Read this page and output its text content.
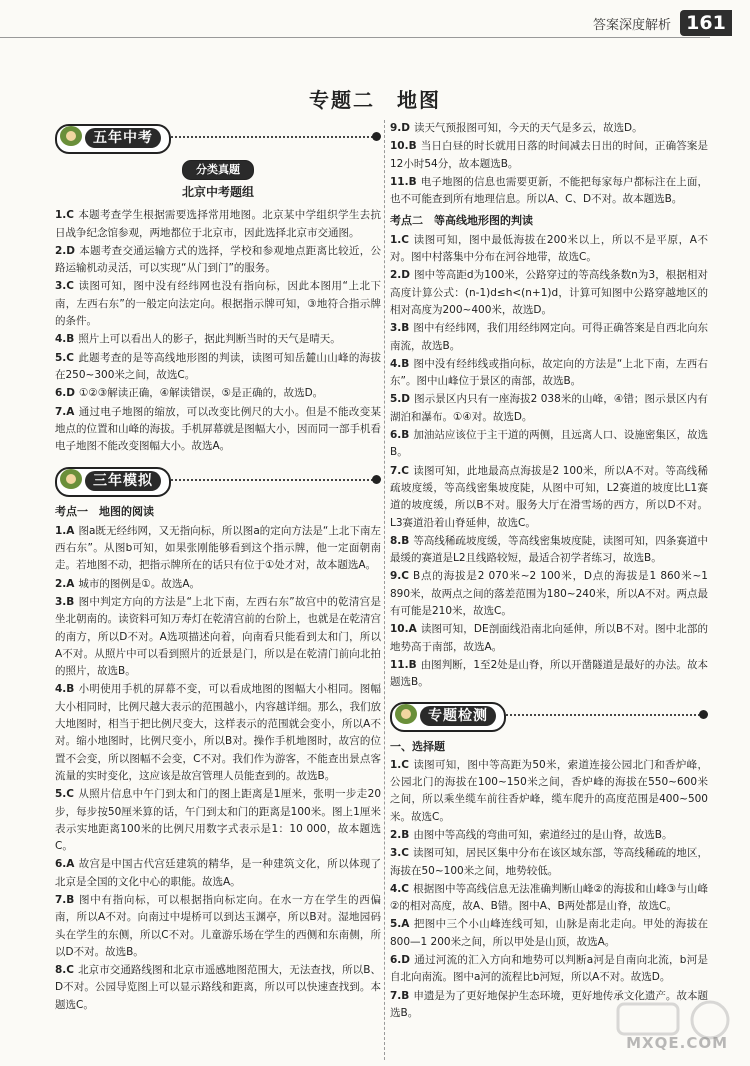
答案深度解析 161
专题二　地图
五年中考
分类真题
北京中考题组
1.C 本题考查学生根据需要选择常用地图。北京某中学组织学生去抗日战争纪念馆参观，两地都位于北京市，因此选择北京市交通图。
2.D 本题考查交通运输方式的选择，学校和参观地点距离比较近，公路运输机动灵活，可以实现“从门到门”的服务。
3.C 读图可知，图中没有经纬网也没有指向标，因此本图用“上北下南，左西右东”的一般定向法定向。根据指示牌可知，③地符合指示牌的条件。
4.B 照片上可以看出人的影子，据此判断当时的天气是晴天。
5.C 此题考查的是等高线地形图的判读，读图可知岳麓山山峰的海拔在250~300米之间，故选C。
6.D ①②③解读正确，④解读错误，⑤是正确的，故选D。
7.A 通过电子地图的缩放，可以改变比例尺的大小。但是不能改变某地点的位置和山峰的海拔。手机屏幕就是图幅大小，因而同一部手机看电子地图不能改变图幅大小。故选A。
三年模拟
考点一　地图的阅读
1.A 图a既无经纬网，又无指向标，所以图a的定向方法是“上北下南左西右东”。从图b可知，如果张刚能够看到这个指示牌，他一定面朝南走。若地图不动，把指示牌所在的话只有位于①处才对，故本题选A。
2.A 城市的图例是①。故选A。
3.B 图中判定方向的方法是“上北下南，左西右东”故宫中的乾清宫是坐北朝南的。读资料可知万寿灯在乾清宫前的台阶上，也就是在乾清宫的南方，所以D不对。A选项描述向着，向南看只能看到太和门，所以A不对。从照片中可以看到照片的近景是门，所以是在乾清门前向北拍的照片，故选B。
4.B 小明使用手机的屏幕不变，可以看成地图的图幅大小相同。图幅大小相同时，比例尺越大表示的范围越小，内容越详细。那么，我们放大地图时，相当于把比例尺变大，这样表示的范围就会变小，所以A不对。缩小地图时，比例尺变小，所以B对。操作手机地图时，故宫的位置不会变，所以图幅不会变，C不对。我们作为游客，不能查出景点客流量的实时变化，这应该是故宫管理人员能查到的。故选B。
5.C 从照片信息中午门到太和门的图上距离是1厘米，张明一步走20步，每步按50厘米算的话，午门到太和门的距离是100米。图上1厘米表示实地距离100米的比例尺用数字式表示是1：10 000，故本题选C。
6.A 故宫是中国古代宫廷建筑的精华，是一种建筑文化，所以体现了北京是全国的文化中心的职能。故选A。
7.B 图中有指向标，可以根据指向标定向。在水一方在学生的西偏南，所以A不对。向南过中堤桥可以到达玉渊亭，所以B对。湿地园码头在学生的东侧，所以C不对。儿童游乐场在学生的西侧和东南侧，所以D不对。故选B。
8.C 北京市交通路线图和北京市遥感地图范围大，无法查找，所以B、D不对。公园导览图上可以显示路线和距离，所以可以快速查找到。本题选C。
9.D 读天气预报图可知，今天的天气是多云，故选D。
10.B 当日白昼的时长就用日落的时间减去日出的时间，正确答案是12小时54分，故本题选B。
11.B 电子地图的信息也需要更新，不能把每家每户都标注在上面，也不可能查到所有地理信息。所以A、C、D不对。故本题选B。
考点二　等高线地形图的判读
1.C 读图可知，图中最低海拔在200米以上，所以不是平原，A不对。图中村落集中分布在河谷地带，故选C。
2.D 图中等高距d为100米，公路穿过的等高线条数n为3，根据相对高度计算公式：(n-1)d≤h<(n+1)d，计算可知图中公路穿越地区的相对高度为200~400米，故选D。
3.B 图中有经纬网，我们用经纬网定向。可得正确答案是自西北向东南流，故选B。
4.B 图中没有经纬线或指向标，故定向的方法是“上北下南，左西右东”。图中山峰位于景区的南部，故选B。
5.D 图示景区内只有一座海拔2 038米的山峰，④错；图示景区内有湖泊和瀑布。①④对。故选D。
6.B 加油站应该位于主干道的两侧，且远离人口、设施密集区，故选B。
7.C 读图可知，此地最高点海拔是2 100米，所以A不对。等高线稀疏坡度缓，等高线密集坡度陡，从图中可知，L2赛道的坡度比L1赛道的坡度缓，所以B不对。服务大厅在滑雪场的西方，所以D不对。L3赛道沿着山脊延伸，故选C。
8.B 等高线稀疏坡度缓，等高线密集坡度陡，读图可知，四条赛道中最缓的赛道是L2且线路较短，最适合初学者练习，故选B。
9.C B点的海拔是2 070米~2 100米，D点的海拔是1 860米~1 890米，故两点之间的落差范围为180~240米，所以A不对。两点最有可能是210米，故选C。
10.A 读图可知，DE剖面线沿南北向延伸，所以B不对。图中北部的地势高于南部，故选A。
11.B 由图判断，1至2处是山脊，所以开凿隧道是最好的办法。故本题选B。
专题检测
一、选择题
1.C 读图可知，图中等高距为50米，索道连接公园北门和香炉峰，公园北门的海拔在100~150米之间，香炉峰的海拔在550~600米之间，所以乘坐缆车前往香炉峰，缆车爬升的高度范围是400~500米。故选C。
2.B 由图中等高线的弯曲可知，索道经过的是山脊，故选B。
3.C 读图可知，居民区集中分布在该区域东部，等高线稀疏的地区，海拔在50~100米之间，地势较低。
4.C 根据图中等高线信息无法准确判断山峰②的海拔和山峰③与山峰②的相对高度，故A、B错。图中A、B两处都是山脊，故选C。
5.A 把图中三个小山峰连线可知，山脉是南北走向。甲处的海拔在800—1 200米之间，所以甲处是山顶，故选A。
6.D 通过河流的汇入方向和地势可以判断a河是自南向北流，b河是自北向南流。图中a河的流程比b河短，所以A不对。故选D。
7.B 申遗是为了更好地保护生态环境，更好地传承文化遗产。故本题选B。
MXQE.COM
